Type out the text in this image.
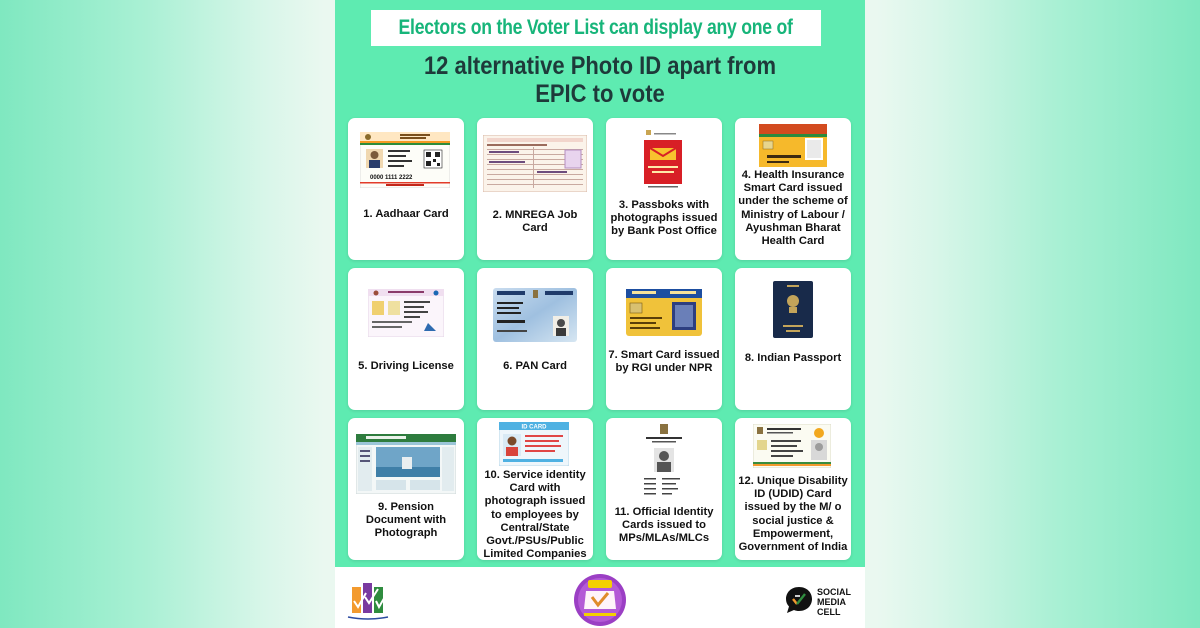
Electors on the Voter List can display any one of
12 alternative Photo ID apart from
EPIC to vote
0000 1111 2222
1. Aadhaar Card	2. MNREGA Job Card
3. Passboks with photographs issued by Bank Post Office
4. Health Insurance Smart Card issued under the scheme of Ministry of Labour / Ayushman Bharat Health Card
5. Driving License	6. PAN Card
7. Smart Card issued by RGI under NPR
8. Indian Passport
9. Pension Document with Photograph
ID CARD
10. Service identity Card with photograph issued to employees by Central/State Govt./PSUs/Public Limited Companies
11. Official Identity Cards issued to MPs/MLAs/MLCs
12. Unique Disability ID (UDID) Card issued by the M/ o social justice & Empowerment, Government of India
SOCIAL
MEDIA
CELL
